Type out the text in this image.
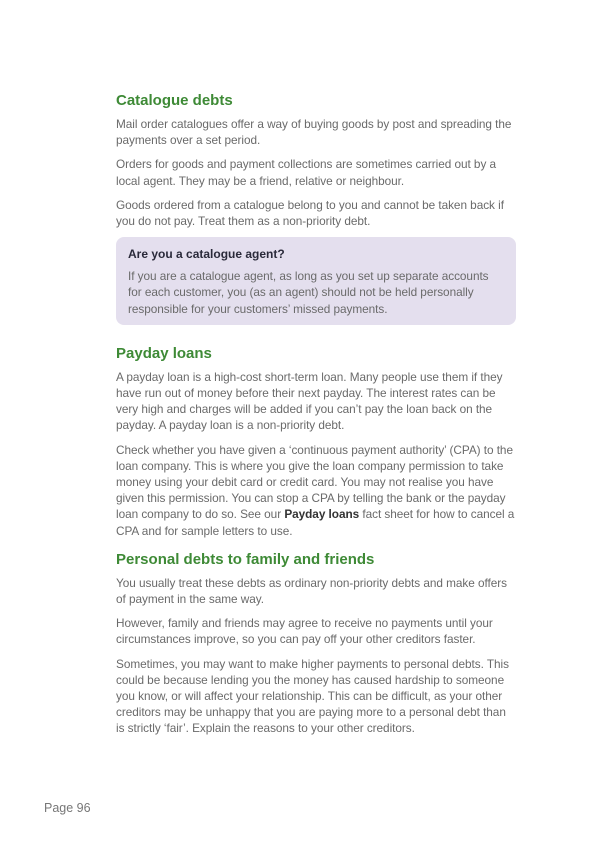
Catalogue debts

Mail order catalogues offer a way of buying goods by post and spreading the payments over a set period.

Orders for goods and payment collections are sometimes carried out by a local agent. They may be a friend, relative or neighbour.

Goods ordered from a catalogue belong to you and cannot be taken back if you do not pay. Treat them as a non-priority debt.

Are you a catalogue agent?

If you are a catalogue agent, as long as you set up separate accounts for each customer, you (as an agent) should not be held personally responsible for your customers’ missed payments.

Payday loans

A payday loan is a high-cost short-term loan. Many people use them if they have run out of money before their next payday. The interest rates can be very high and charges will be added if you can’t pay the loan back on the payday. A payday loan is a non-priority debt.

Check whether you have given a ‘continuous payment authority’ (CPA) to the loan company. This is where you give the loan company permission to take money using your debit card or credit card. You may not realise you have given this permission. You can stop a CPA by telling the bank or the payday loan company to do so. See our Payday loans fact sheet for how to cancel a CPA and for sample letters to use.

Personal debts to family and friends

You usually treat these debts as ordinary non-priority debts and make offers of payment in the same way.

However, family and friends may agree to receive no payments until your circumstances improve, so you can pay off your other creditors faster.

Sometimes, you may want to make higher payments to personal debts. This could be because lending you the money has caused hardship to someone you know, or will affect your relationship. This can be difficult, as your other creditors may be unhappy that you are paying more to a personal debt than is strictly ‘fair’. Explain the reasons to your other creditors.

Page 96
